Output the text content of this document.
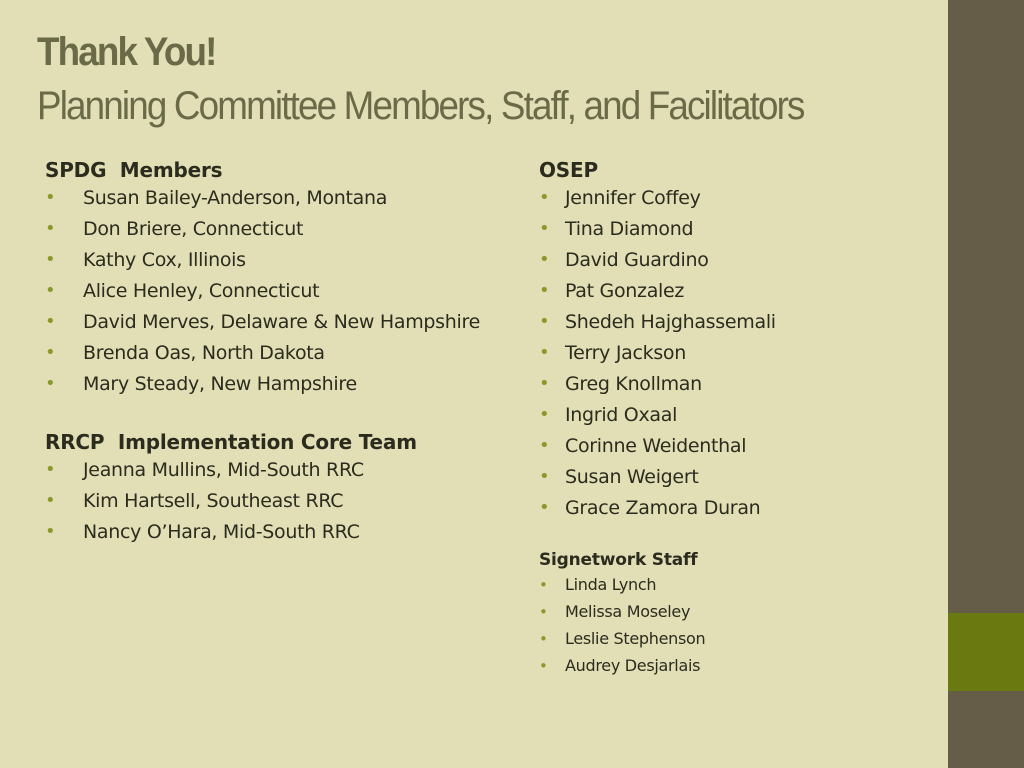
Thank You!
Planning Committee Members, Staff, and Facilitators
SPDG  Members
• Susan Bailey-Anderson, Montana
• Don Briere, Connecticut
• Kathy Cox, Illinois
• Alice Henley, Connecticut
• David Merves, Delaware & New Hampshire
• Brenda Oas, North Dakota
• Mary Steady, New Hampshire
RRCP  Implementation Core Team
• Jeanna Mullins, Mid-South RRC
• Kim Hartsell, Southeast RRC
• Nancy O’Hara, Mid-South RRC
OSEP
• Jennifer Coffey
• Tina Diamond
• David Guardino
• Pat Gonzalez
• Shedeh Hajghassemali
• Terry Jackson
• Greg Knollman
• Ingrid Oxaal
• Corinne Weidenthal
• Susan Weigert
• Grace Zamora Duran
Signetwork Staff
• Linda Lynch
• Melissa Moseley
• Leslie Stephenson
• Audrey Desjarlais
